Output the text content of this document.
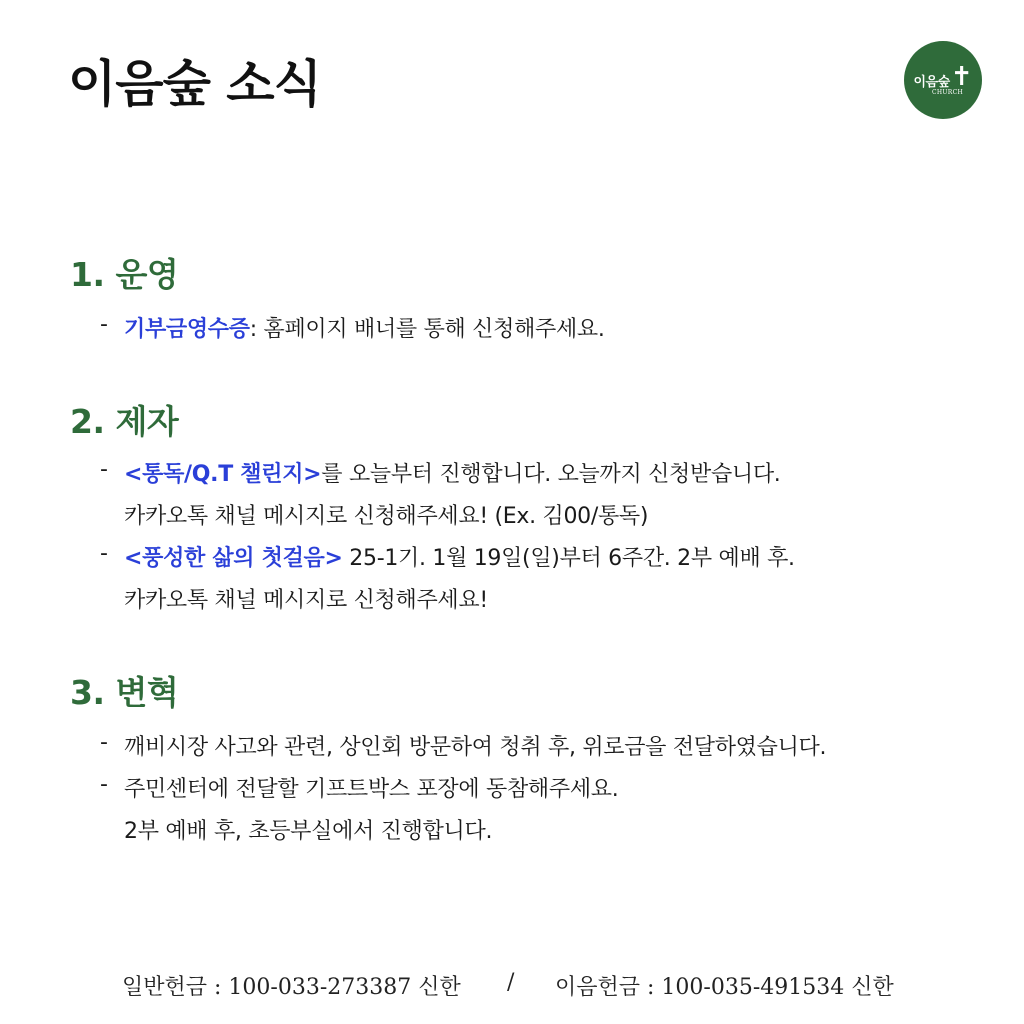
이음숲 소식	이음숲 ✝
CHURCH
1. 운영
- 기부금영수증: 홈페이지 배너를 통해 신청해주세요.
2. 제자
- <통독/Q.T 챌린지>를 오늘부터 진행합니다. 오늘까지 신청받습니다.
카카오톡 채널 메시지로 신청해주세요! (Ex. 김00/통독)
- <풍성한 삶의 첫걸음> 25-1기. 1월 19일(일)부터 6주간. 2부 예배 후.
카카오톡 채널 메시지로 신청해주세요!
3. 변혁
- 깨비시장 사고와 관련, 상인회 방문하여 청취 후, 위로금을 전달하였습니다.
- 주민센터에 전달할 기프트박스 포장에 동참해주세요.
2부 예배 후, 초등부실에서 진행합니다.
일반헌금 : 100-033-273387 신한 / 이음헌금 : 100-035-491534 신한
